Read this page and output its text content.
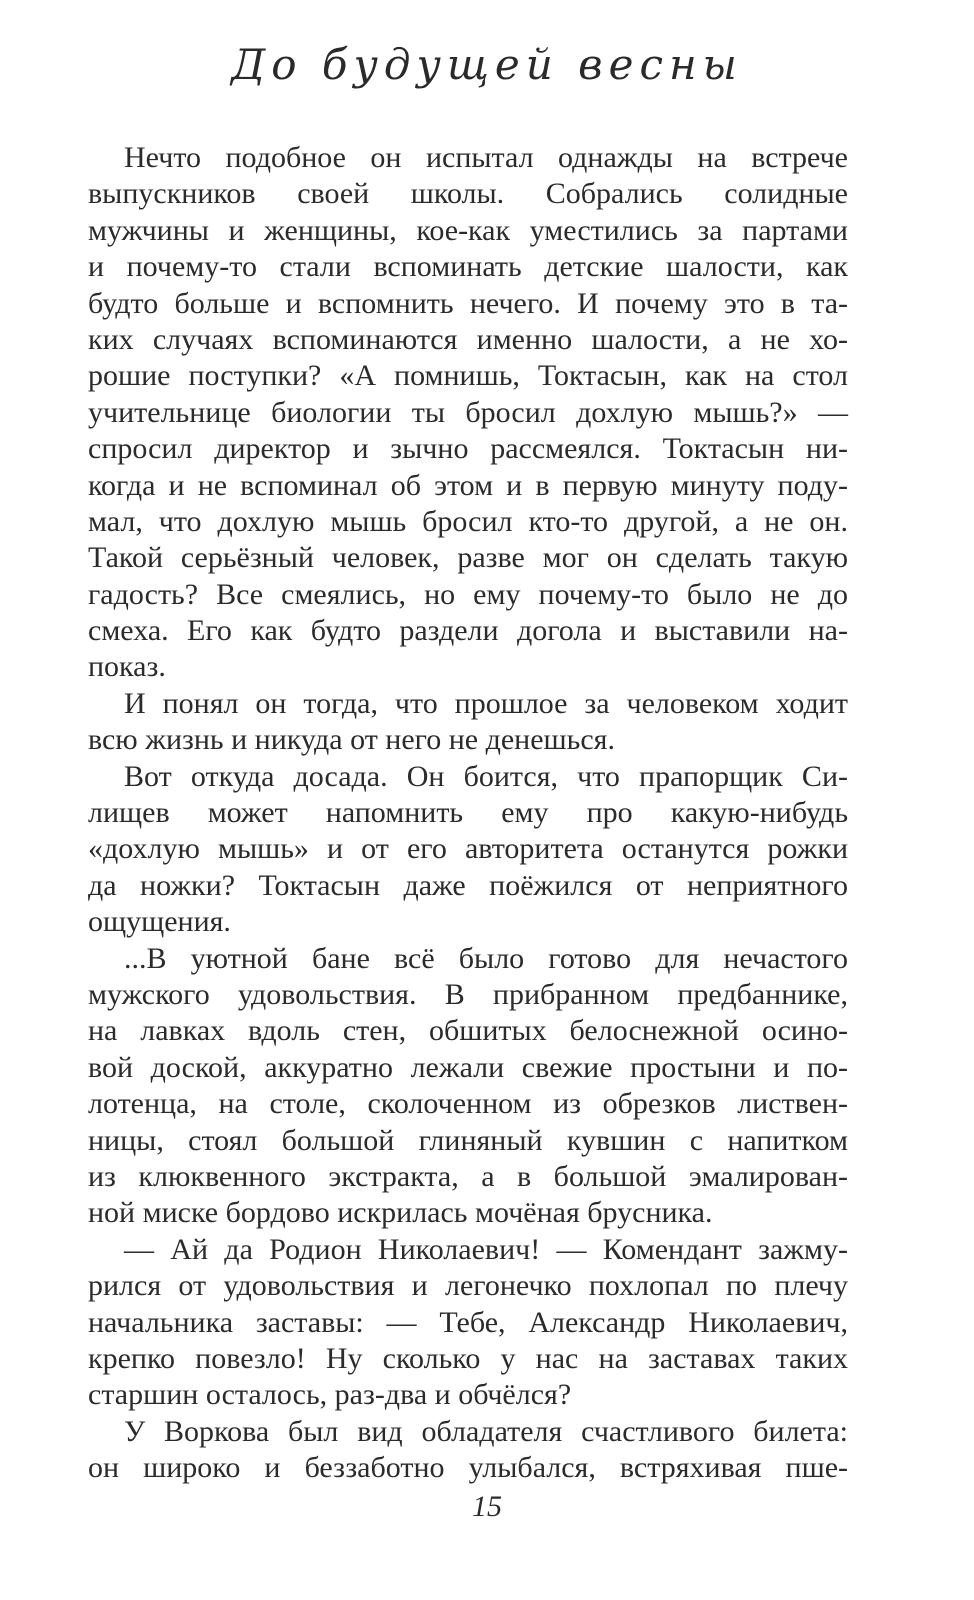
До будущей весны
Нечто подобное он испытал однажды на встрече
выпускников своей школы. Собрались солидные
мужчины и женщины, кое-как уместились за партами
и почему-то стали вспоминать детские шалости, как
будто больше и вспомнить нечего. И почему это в та-
ких случаях вспоминаются именно шалости, а не хо-
рошие поступки? «А помнишь, Токтасын, как на стол
учительнице биологии ты бросил дохлую мышь?» —
спросил директор и зычно рассмеялся. Токтасын ни-
когда и не вспоминал об этом и в первую минуту поду-
мал, что дохлую мышь бросил кто-то другой, а не он.
Такой серьёзный человек, разве мог он сделать такую
гадость? Все смеялись, но ему почему-то было не до
смеха. Его как будто раздели догола и выставили на-
показ.
И понял он тогда, что прошлое за человеком ходит
всю жизнь и никуда от него не денешься.
Вот откуда досада. Он боится, что прапорщик Си-
лищев может напомнить ему про какую-нибудь
«дохлую мышь» и от его авторитета останутся рожки
да ножки? Токтасын даже поёжился от неприятного
ощущения.
...В уютной бане всё было готово для нечастого
мужского удовольствия. В прибранном предбаннике,
на лавках вдоль стен, обшитых белоснежной осино-
вой доской, аккуратно лежали свежие простыни и по-
лотенца, на столе, сколоченном из обрезков листвен-
ницы, стоял большой глиняный кувшин с напитком
из клюквенного экстракта, а в большой эмалирован-
ной миске бордово искрилась мочёная брусника.
— Ай да Родион Николаевич! — Комендант зажму-
рился от удовольствия и легонечко похлопал по плечу
начальника заставы: — Тебе, Александр Николаевич,
крепко повезло! Ну сколько у нас на заставах таких
старшин осталось, раз-два и обчёлся?
У Воркова был вид обладателя счастливого билета:
он широко и беззаботно улыбался, встряхивая пше-
15
